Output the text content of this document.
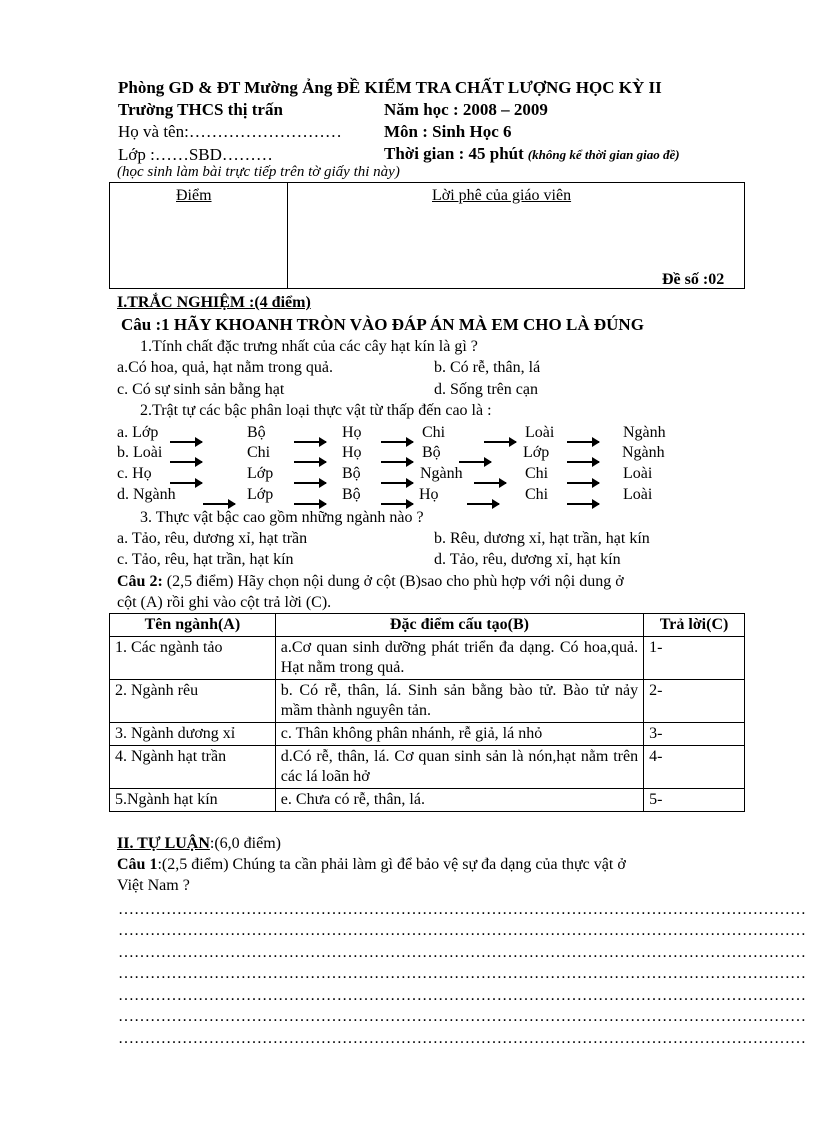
Phòng GD & ĐT Mường Ảng ĐỀ KIỂM TRA CHẤT LƯỢNG HỌC KỲ II
Trường THCS thị trấn	Năm học : 2008 – 2009
Họ và tên:……………………… Môn : Sinh Học 6
Lớp :……SBD………	Thời gian : 45 phút (không kể thời gian giao đề)
(học sinh làm bài trực tiếp trên tờ giấy thi này)
Điểm	Lời phê của giáo viên
Đề số :02
I.TRẮC NGHIỆM :(4 điểm)
Câu :1 HÃY KHOANH TRÒN VÀO ĐÁP ÁN MÀ EM CHO LÀ ĐÚNG
1.Tính chất đặc trưng nhất của các cây hạt kín là gì ?
a.Có hoa, quả, hạt nằm trong quả.	b. Có rễ, thân, lá
c. Có sự sinh sản bằng hạt	d. Sống trên cạn
2.Trật tự các bậc phân loại thực vật từ thấp đến cao là :
a. Lớp	Bộ	Họ	Chi	Loài	Ngành
b. Loài	Chi	Họ	Bộ	Lớp	Ngành
c. Họ	Lớp	Bộ	Ngành	Chi	Loài
d. Ngành	Lớp	Bộ	Họ	Chi	Loài
3. Thực vật bậc cao gồm những ngành nào ?
a. Tảo, rêu, dương xỉ, hạt trần	b. Rêu, dương xỉ, hạt trần, hạt kín
c. Tảo, rêu, hạt trần, hạt kín	d. Tảo, rêu, dương xỉ, hạt kín
Câu 2: (2,5 điểm) Hãy chọn nội dung ở cột (B)sao cho phù hợp với nội dung ở
cột (A) rồi ghi vào cột trả lời (C).
Tên ngành(A)	Đặc điểm cấu tạo(B)	Trả lời(C)
1. Các ngành tảo	a.Cơ quan sinh dưỡng phát triển đa dạng. Có hoa,quả. Hạt nằm trong quả.	1-
2. Ngành rêu	b. Có rễ, thân, lá. Sinh sản bằng bào tử. Bào tử nảy mầm thành nguyên tản.	2-
3. Ngành dương xỉ	c. Thân không phân nhánh, rễ giả, lá nhỏ	3-
4. Ngành hạt trần	d.Có rễ, thân, lá. Cơ quan sinh sản là nón,hạt nằm trên các lá loãn hở	4-
5.Ngành hạt kín	e. Chưa có rễ, thân, lá.	5-
II. TỰ LUẬN:(6,0 điểm)
Câu 1:(2,5 điểm) Chúng ta cần phải làm gì để bảo vệ sự đa dạng của thực vật ở
Việt Nam ?
…………………………………………………………………………………………………………………
…………………………………………………………………………………………………………………
…………………………………………………………………………………………………………………
…………………………………………………………………………………………………………………
…………………………………………………………………………………………………………………
…………………………………………………………………………………………………………………
…………………………………………………………………………………………………………………
